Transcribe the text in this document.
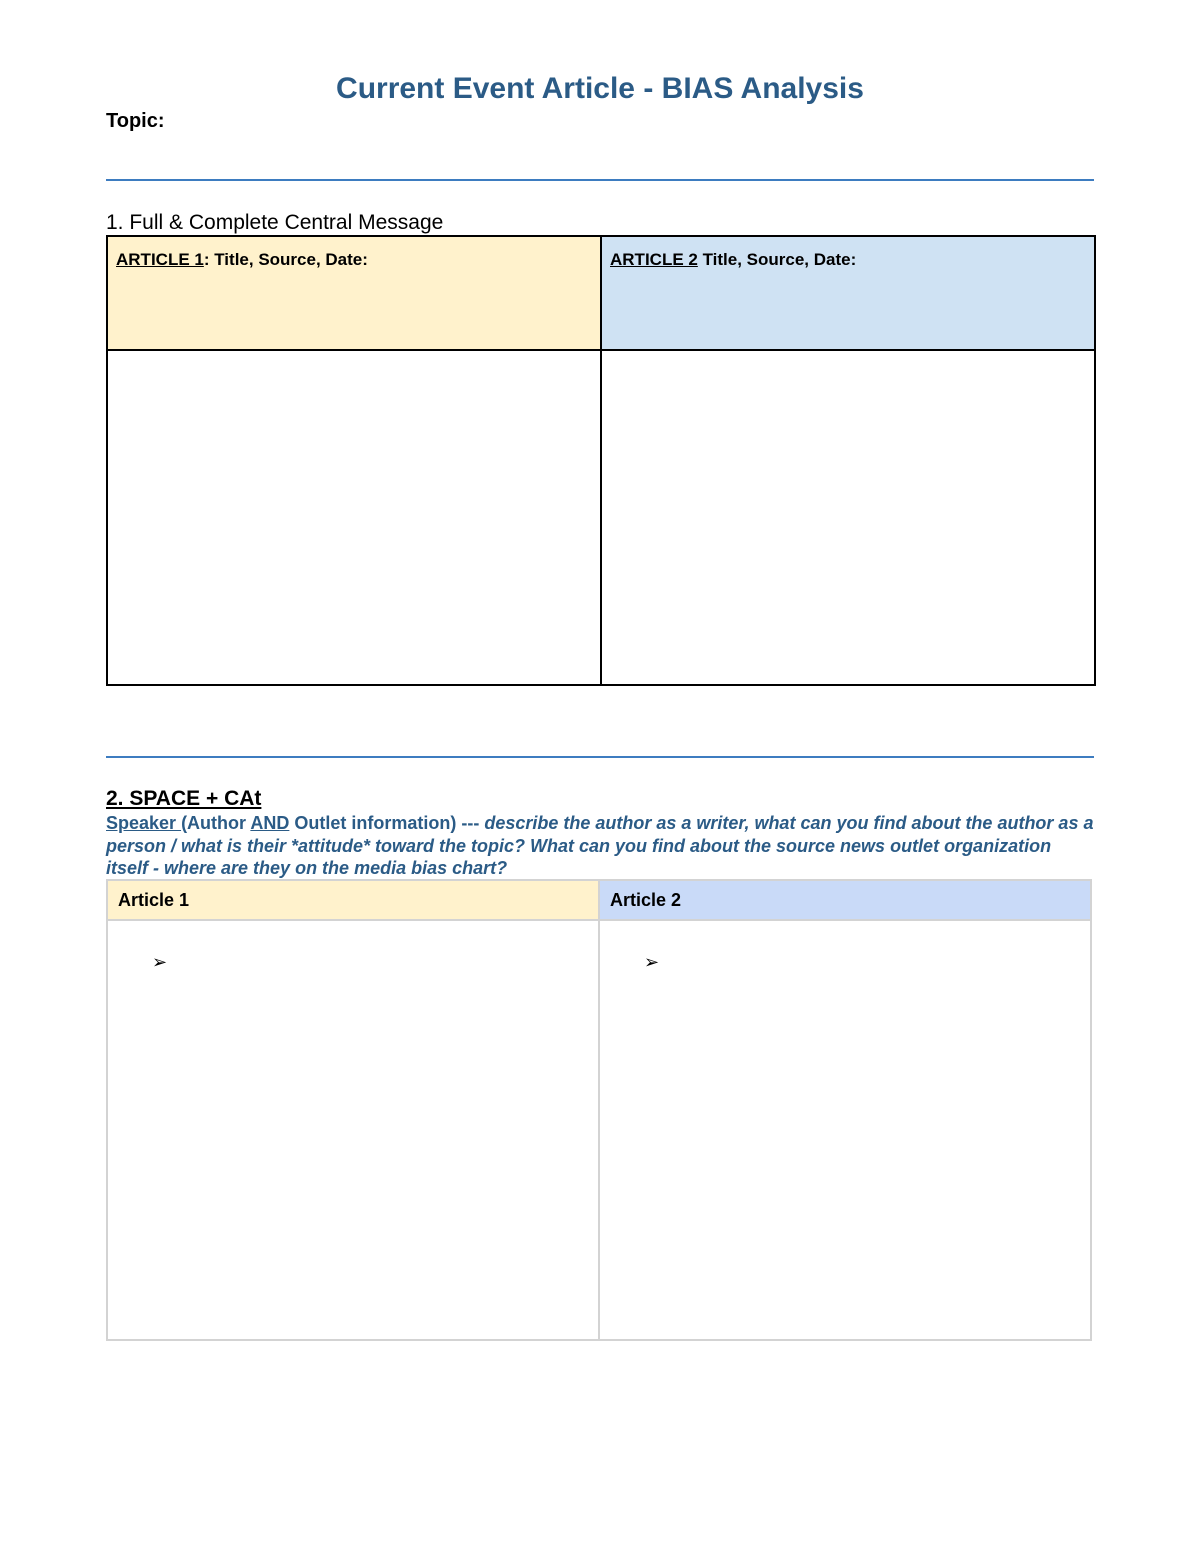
Current Event Article - BIAS Analysis
Topic:
1. Full & Complete Central Message
ARTICLE 1: Title, Source, Date:	ARTICLE 2 Title, Source, Date:

2. SPACE + CAt
Speaker (Author AND Outlet information) --- describe the author as a writer, what can you find about the author as a person / what is their *attitude* toward the topic? What can you find about the source news outlet organization itself - where are they on the media bias chart?
Article 1	Article 2
➢	➢
